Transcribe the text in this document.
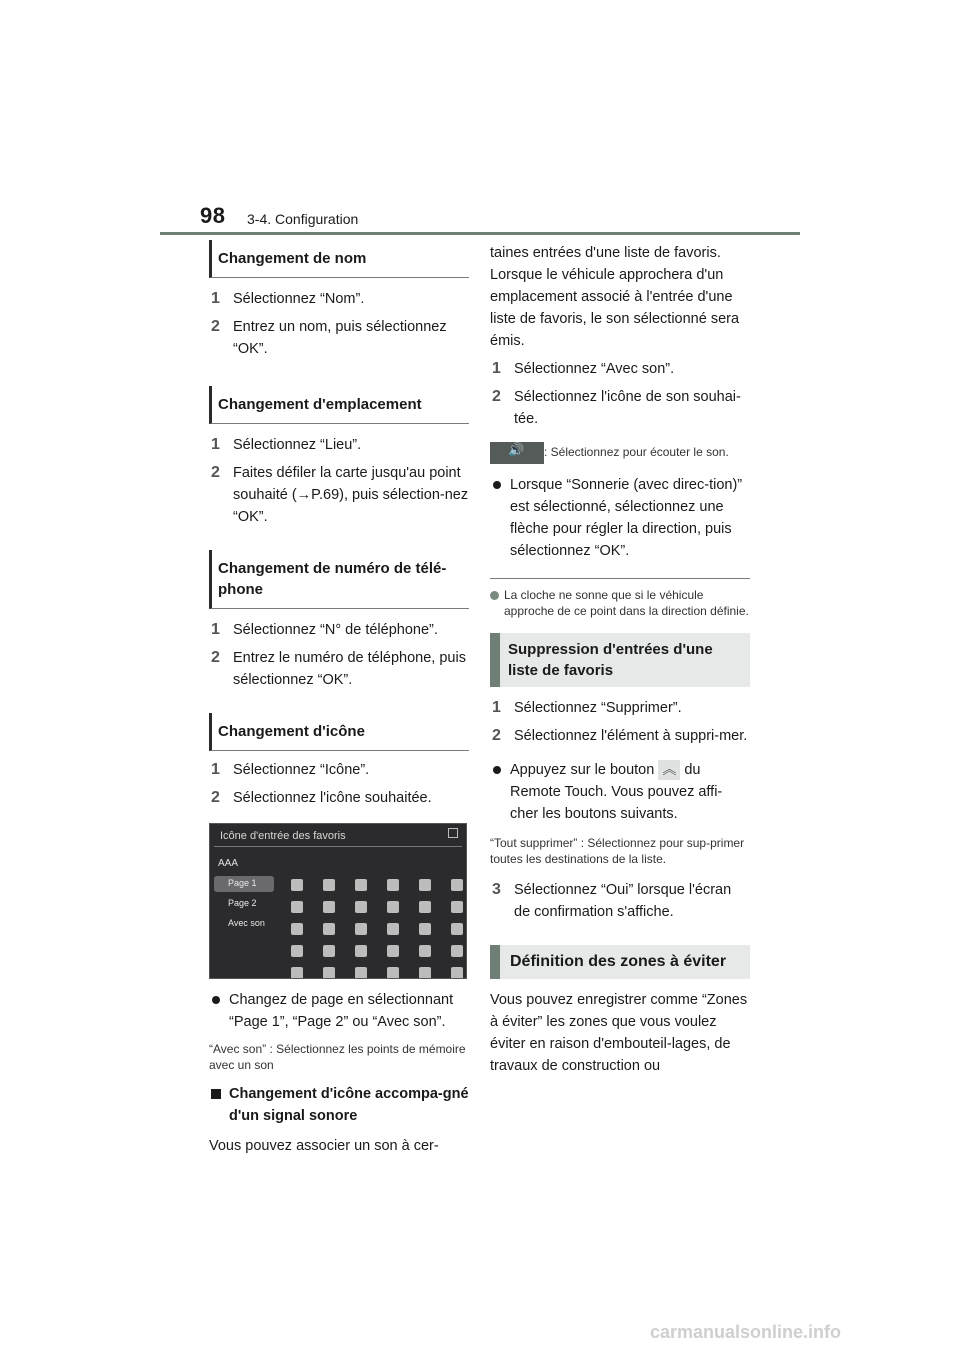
98 3-4. Configuration
Changement de nom
1 Sélectionnez “Nom”.
2 Entrez un nom, puis sélectionnez “OK”.
Changement d'emplacement
1 Sélectionnez “Lieu”.
2 Faites défiler la carte jusqu'au point souhaité (→P.69), puis sélection-nez “OK”.
Changement de numéro de télé-phone
1 Sélectionnez “N° de téléphone”.
2 Entrez le numéro de téléphone, puis sélectionnez “OK”.
Changement d'icône
1 Sélectionnez “Icône”.
2 Sélectionnez l'icône souhaitée.
Icône d'entrée des favoris
AAA
Page 1
Page 2
Avec son
Changez de page en sélectionnant “Page 1”, “Page 2” ou “Avec son”.
“Avec son” : Sélectionnez les points de mémoire avec un son
Changement d'icône accompa-gné d'un signal sonore
Vous pouvez associer un son à cer-
taines entrées d'une liste de favoris. Lorsque le véhicule approchera d'un emplacement associé à l'entrée d'une liste de favoris, le son sélectionné sera émis.
1 Sélectionnez “Avec son”.
2 Sélectionnez l'icône de son souhai-tée.
🔊: Sélectionnez pour écouter le son.
Lorsque “Sonnerie (avec direc-tion)” est sélectionné, sélectionnez une flèche pour régler la direction, puis sélectionnez “OK”.
La cloche ne sonne que si le véhicule approche de ce point dans la direction définie.
Suppression d'entrées d'une liste de favoris
1 Sélectionnez “Supprimer”.
2 Sélectionnez l'élément à suppri-mer.
Appuyez sur le bouton ︽ du Remote Touch. Vous pouvez affi-cher les boutons suivants.
“Tout supprimer” : Sélectionnez pour sup-primer toutes les destinations de la liste.
3 Sélectionnez “Oui” lorsque l'écran de confirmation s'affiche.
Définition des zones à éviter
Vous pouvez enregistrer comme “Zones à éviter” les zones que vous voulez éviter en raison d'embouteil-lages, de travaux de construction ou
carmanualsonline.info
